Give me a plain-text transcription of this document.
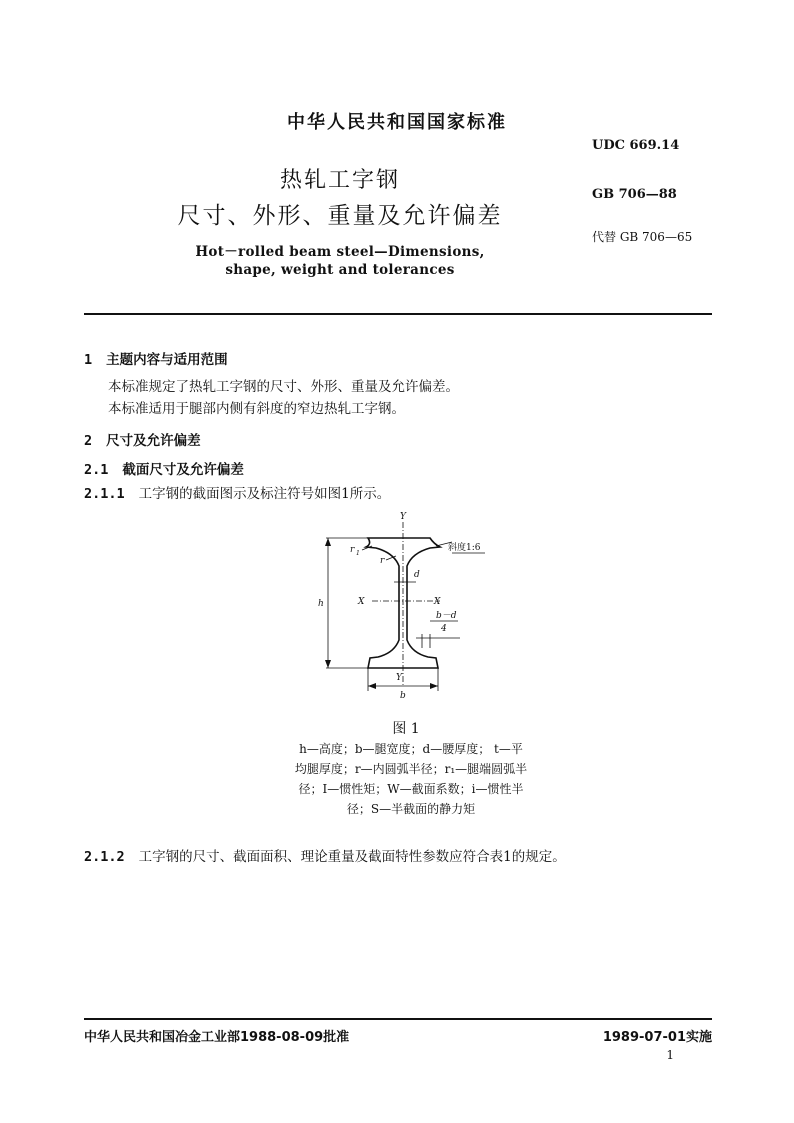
中华人民共和国国家标准
UDC 669.14
GB 706—88
代替 GB 706—65
热轧工字钢
尺寸、外形、重量及允许偏差
Hot－rolled beam steel—Dimensions,
shape, weight and tolerances
1 主题内容与适用范围
本标准规定了热轧工字钢的尺寸、外形、重量及允许偏差。
本标准适用于腿部内侧有斜度的窄边热轧工字钢。
2 尺寸及允许偏差
2.1 截面尺寸及允许偏差
2.1.1 工字钢的截面图示及标注符号如图1所示。
Y
Y
X	X
r 1
r
d
h
b
b－d
4
斜度1:6
图 1
h—高度；b—腿宽度；d—腰厚度； t—平
均腿厚度；r—内圆弧半径；r₁—腿端圆弧半
径；I—惯性矩；W—截面系数；i—惯性半
径；S—半截面的静力矩
2.1.2 工字钢的尺寸、截面面积、理论重量及截面特性参数应符合表1的规定。
中华人民共和国冶金工业部1988-08-09批准	1989-07-01实施
1
